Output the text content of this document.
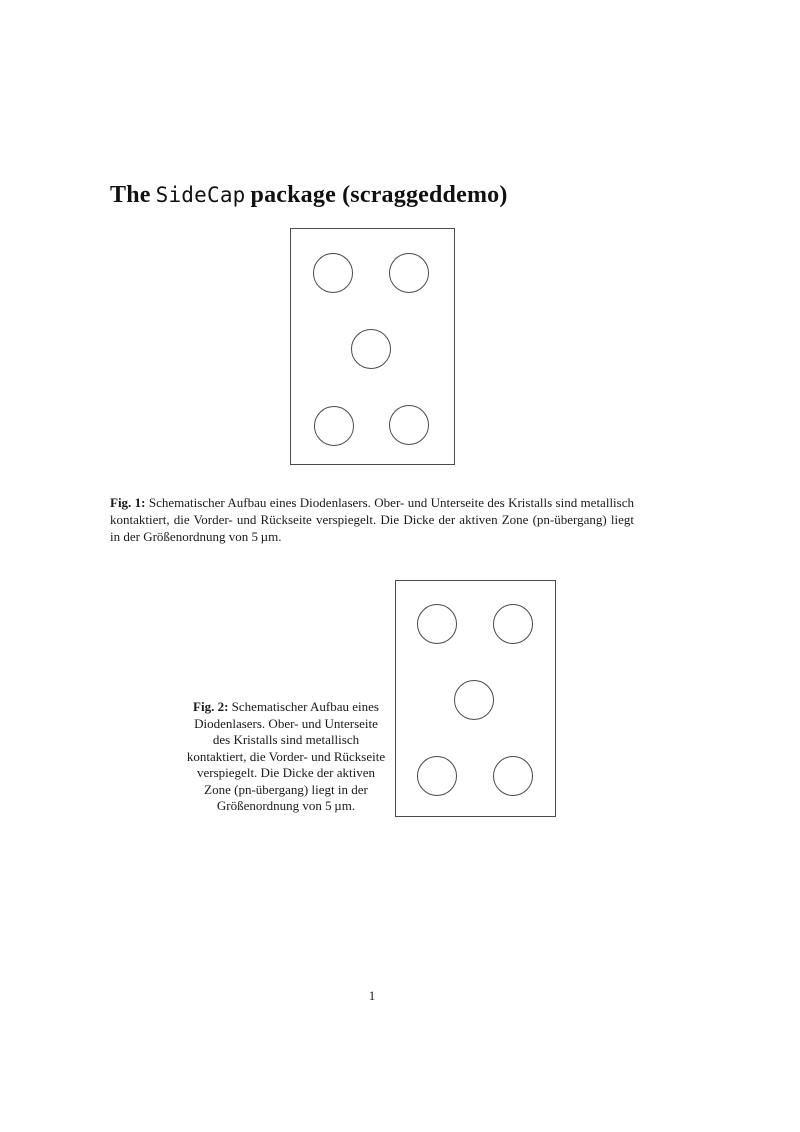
The SideCap package (scraggeddemo)

Fig. 1: Schematischer Aufbau eines Diodenlasers. Ober- und Unterseite des Kristalls sind metallisch kontaktiert, die Vorder- und Rückseite verspiegelt. Die Dicke der aktiven Zone (pn-übergang) liegt in der Größenordnung von 5 µm.

Fig. 2: Schematischer Aufbau eines Diodenlasers. Ober- und Unterseite des Kristalls sind metallisch kontaktiert, die Vorder- und Rückseite verspiegelt. Die Dicke der aktiven Zone (pn-übergang) liegt in der Größenordnung von 5 µm.

1
